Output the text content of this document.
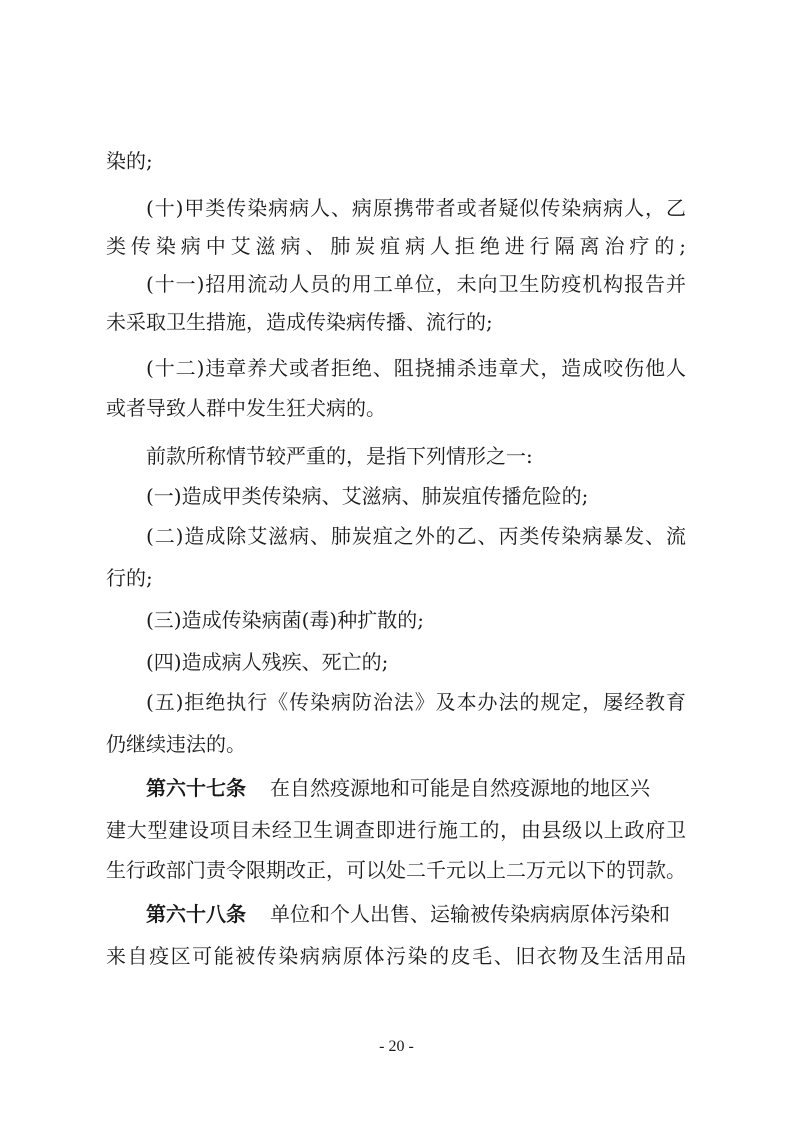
染的;
(十)甲类传染病病人、病原携带者或者疑似传染病病人，乙
类传染病中艾滋病、肺炭疽病人拒绝进行隔离治疗的;
(十一)招用流动人员的用工单位，未向卫生防疫机构报告并
未采取卫生措施，造成传染病传播、流行的;
(十二)违章养犬或者拒绝、阻挠捕杀违章犬，造成咬伤他人
或者导致人群中发生狂犬病的。
前款所称情节较严重的，是指下列情形之一:
(一)造成甲类传染病、艾滋病、肺炭疽传播危险的;
(二)造成除艾滋病、肺炭疽之外的乙、丙类传染病暴发、流
行的;
(三)造成传染病菌(毒)种扩散的;
(四)造成病人残疾、死亡的;
(五)拒绝执行《传染病防治法》及本办法的规定，屡经教育
仍继续违法的。
第六十七条 在自然疫源地和可能是自然疫源地的地区兴
建大型建设项目未经卫生调查即进行施工的，由县级以上政府卫
生行政部门责令限期改正，可以处二千元以上二万元以下的罚款。
第六十八条 单位和个人出售、运输被传染病病原体污染和
来自疫区可能被传染病病原体污染的皮毛、旧衣物及生活用品
- 20 -
